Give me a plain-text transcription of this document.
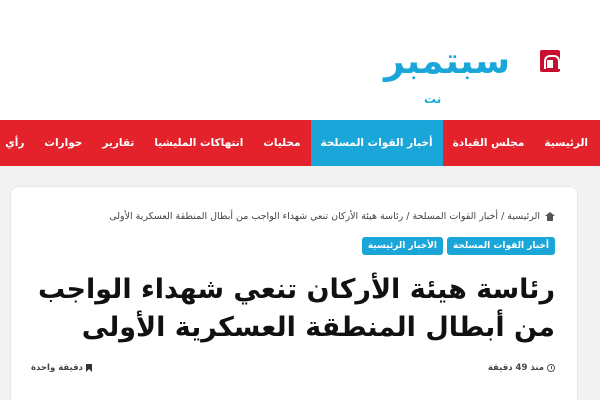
سبتمبر
نت
الرئيسية
مجلس القيادة
أخبار القوات المسلحة
محليات
انتهاكات المليشيا
تقارير
حوارات
رأي
الرئيسية
/
أخبار القوات المسلحة
/
رئاسة هيئة الأركان تنعي شهداء الواجب من أبطال المنطقة العسكرية الأولى
أخبار القوات المسلحة
الأخبار الرئيسية
رئاسة هيئة الأركان تنعي شهداء الواجب من أبطال المنطقة العسكرية الأولى
منذ 49 دقيقة
دقيقة واحدة
